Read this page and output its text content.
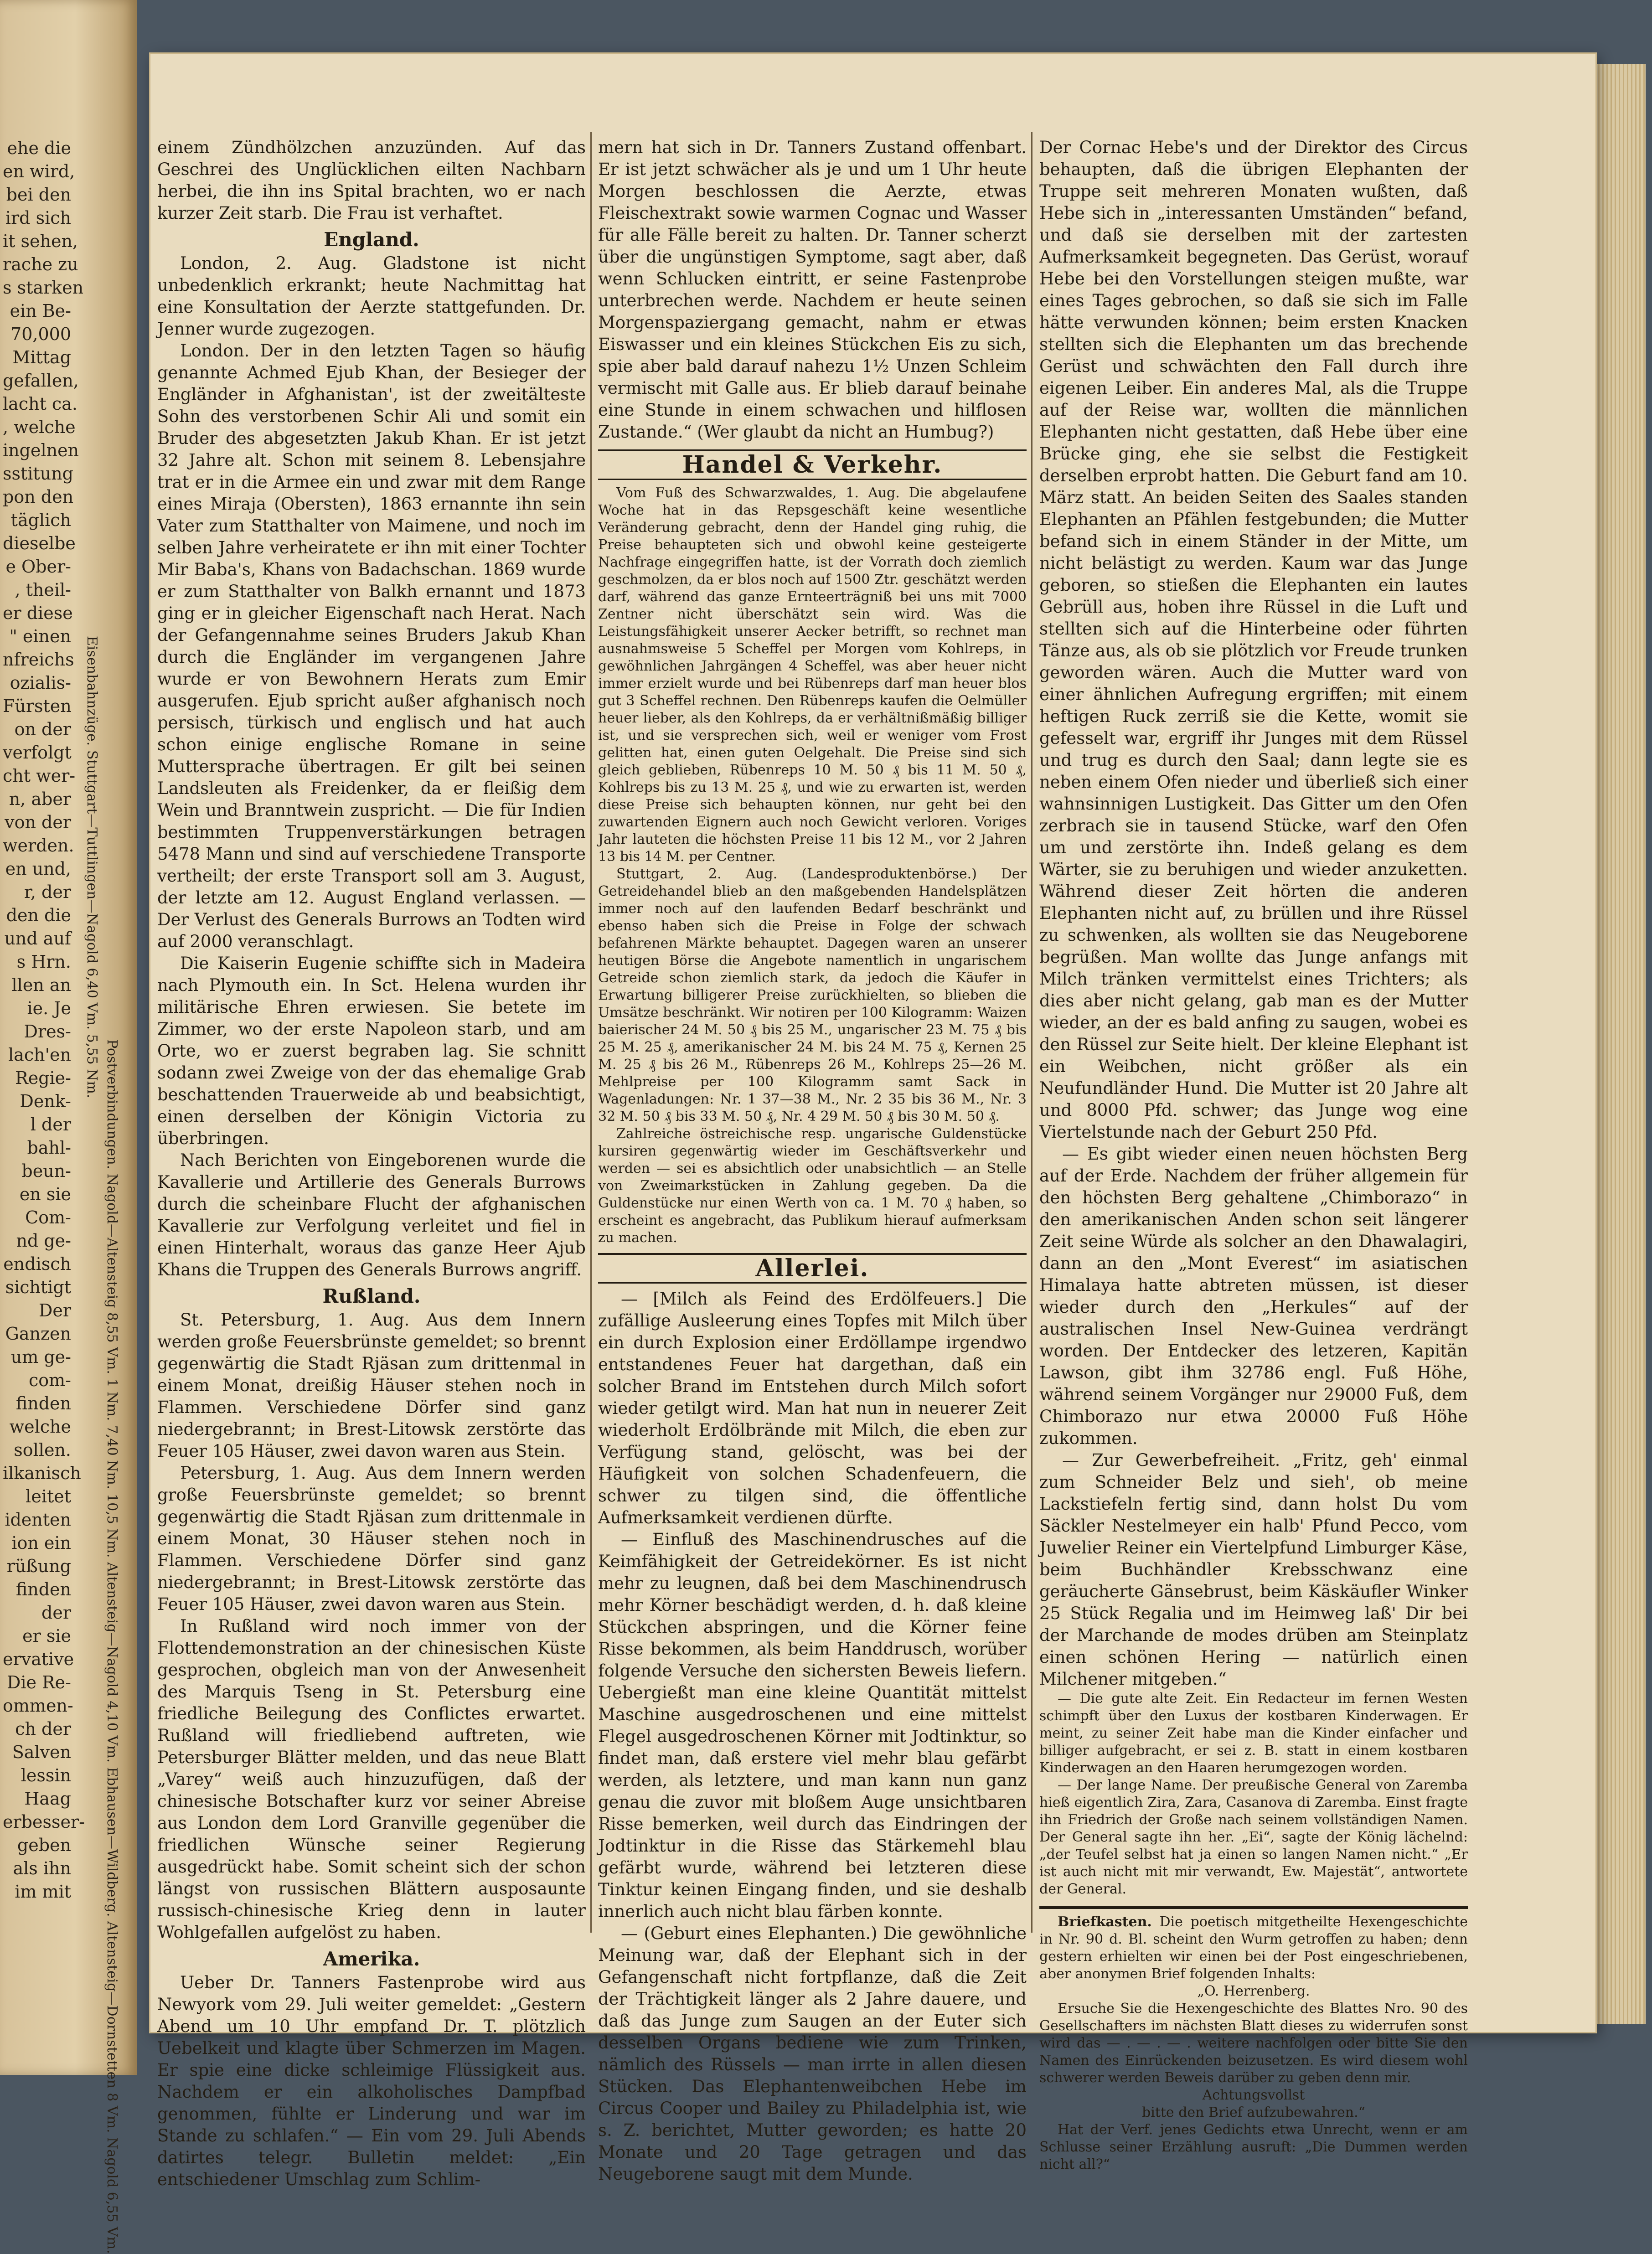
ehe die
en wird,
bei den
ird sich
it sehen,
rache zu
s starken
ein Be-
70,000
Mittag
gefallen,
lacht ca.
, welche
ingelnen
sstitung
pon den
täglich
dieselbe
e Ober-
, theil-
er diese
" einen
nfreichs
ozialis-
Fürsten
on der
verfolgt
cht wer-
n, aber
von der
werden.
en und,
r, der
den die
und auf
s Hrn.
llen an
ie. Je
Dres-
lach'en
Regie-
Denk-
l der
bahl-
beun-
en sie
Com-
nd ge-
endisch
sichtigt
Der
Ganzen
um ge-
com-
finden
welche
sollen.
ilkanisch
leitet
identen
ion ein
rüßung
finden
der
er sie
ervative
Die Re-
ommen-
ch der
Salven
lessin
Haag
erbesser-
geben
als ihn
im mit

einem Zündhölzchen anzuzünden. Auf das Geschrei des Unglücklichen eilten Nachbarn herbei, die ihn ins Spital brachten, wo er nach kurzer Zeit starb. Die Frau ist verhaftet.

England.

London, 2. Aug. Gladstone ist nicht unbedenklich erkrankt; heute Nachmittag hat eine Konsultation der Aerzte stattgefunden. Dr. Jenner wurde zugezogen.

London. Der in den letzten Tagen so häufig genannte Achmed Ejub Khan, der Besieger der Engländer in Afghanistan', ist der zweitälteste Sohn des verstorbenen Schir Ali und somit ein Bruder des abgesetzten Jakub Khan. Er ist jetzt 32 Jahre alt. Schon mit seinem 8. Lebensjahre trat er in die Armee ein und zwar mit dem Range eines Miraja (Obersten), 1863 ernannte ihn sein Vater zum Statthalter von Maimene, und noch im selben Jahre verheiratete er ihn mit einer Tochter Mir Baba's, Khans von Badachschan. 1869 wurde er zum Statthalter von Balkh ernannt und 1873 ging er in gleicher Eigenschaft nach Herat. Nach der Gefangennahme seines Bruders Jakub Khan durch die Engländer im vergangenen Jahre wurde er von Bewohnern Herats zum Emir ausgerufen. Ejub spricht außer afghanisch noch persisch, türkisch und englisch und hat auch schon einige englische Romane in seine Muttersprache übertragen. Er gilt bei seinen Landsleuten als Freidenker, da er fleißig dem Wein und Branntwein zuspricht. — Die für Indien bestimmten Truppenverstärkungen betragen 5478 Mann und sind auf verschiedene Transporte vertheilt; der erste Transport soll am 3. August, der letzte am 12. August England verlassen. — Der Verlust des Generals Burrows an Todten wird auf 2000 veranschlagt.

Die Kaiserin Eugenie schiffte sich in Madeira nach Plymouth ein. In Sct. Helena wurden ihr militärische Ehren erwiesen. Sie betete im Zimmer, wo der erste Napoleon starb, und am Orte, wo er zuerst begraben lag. Sie schnitt sodann zwei Zweige von der das ehemalige Grab beschattenden Trauerweide ab und beabsichtigt, einen derselben der Königin Victoria zu überbringen.

Nach Berichten von Eingeborenen wurde die Kavallerie und Artillerie des Generals Burrows durch die scheinbare Flucht der afghanischen Kavallerie zur Verfolgung verleitet und fiel in einen Hinterhalt, woraus das ganze Heer Ajub Khans die Truppen des Generals Burrows angriff.

Rußland.

St. Petersburg, 1. Aug. Aus dem Innern werden große Feuersbrünste gemeldet; so brennt gegenwärtig die Stadt Rjäsan zum drittenmal in einem Monat, dreißig Häuser stehen noch in Flammen. Verschiedene Dörfer sind ganz niedergebrannt; in Brest-Litowsk zerstörte das Feuer 105 Häuser, zwei davon waren aus Stein.

Petersburg, 1. Aug. Aus dem Innern werden große Feuersbrünste gemeldet; so brennt gegenwärtig die Stadt Rjäsan zum drittenmale in einem Monat, 30 Häuser stehen noch in Flammen. Verschiedene Dörfer sind ganz niedergebrannt; in Brest-Litowsk zerstörte das Feuer 105 Häuser, zwei davon waren aus Stein.

In Rußland wird noch immer von der Flottendemonstration an der chinesischen Küste gesprochen, obgleich man von der Anwesenheit des Marquis Tseng in St. Petersburg eine friedliche Beilegung des Conflictes erwartet. Rußland will friedliebend auftreten, wie Petersburger Blätter melden, und das neue Blatt „Varey“ weiß auch hinzuzufügen, daß der chinesische Botschafter kurz vor seiner Abreise aus London dem Lord Granville gegenüber die friedlichen Wünsche seiner Regierung ausgedrückt habe. Somit scheint sich der schon längst von russischen Blättern ausposaunte russisch-chinesische Krieg denn in lauter Wohlgefallen aufgelöst zu haben.

Amerika.

Ueber Dr. Tanners Fastenprobe wird aus Newyork vom 29. Juli weiter gemeldet: „Gestern Abend um 10 Uhr empfand Dr. T. plötzlich Uebelkeit und klagte über Schmerzen im Magen. Er spie eine dicke schleimige Flüssigkeit aus. Nachdem er ein alkoholisches Dampfbad genommen, fühlte er Linderung und war im Stande zu schlafen.“ — Ein vom 29. Juli Abends datirtes telegr. Bulletin meldet: „Ein entschiedener Umschlag zum Schlim-

mern hat sich in Dr. Tanners Zustand offenbart. Er ist jetzt schwächer als je und um 1 Uhr heute Morgen beschlossen die Aerzte, etwas Fleischextrakt sowie warmen Cognac und Wasser für alle Fälle bereit zu halten. Dr. Tanner scherzt über die ungünstigen Symptome, sagt aber, daß wenn Schlucken eintritt, er seine Fastenprobe unterbrechen werde. Nachdem er heute seinen Morgenspaziergang gemacht, nahm er etwas Eiswasser und ein kleines Stückchen Eis zu sich, spie aber bald darauf nahezu 1½ Unzen Schleim vermischt mit Galle aus. Er blieb darauf beinahe eine Stunde in einem schwachen und hilflosen Zustande.“ (Wer glaubt da nicht an Humbug?)

Handel & Verkehr.

Vom Fuß des Schwarzwaldes, 1. Aug. Die abgelaufene Woche hat in das Repsgeschäft keine wesentliche Veränderung gebracht, denn der Handel ging ruhig, die Preise behaupteten sich und obwohl keine gesteigerte Nachfrage eingegriffen hatte, ist der Vorrath doch ziemlich geschmolzen, da er blos noch auf 1500 Ztr. geschätzt werden darf, während das ganze Ernteerträgniß bei uns mit 7000 Zentner nicht überschätzt sein wird. Was die Leistungsfähigkeit unserer Aecker betrifft, so rechnet man ausnahmsweise 5 Scheffel per Morgen vom Kohlreps, in gewöhnlichen Jahrgängen 4 Scheffel, was aber heuer nicht immer erzielt wurde und bei Rübenreps darf man heuer blos gut 3 Scheffel rechnen. Den Rübenreps kaufen die Oelmüller heuer lieber, als den Kohlreps, da er verhältnißmäßig billiger ist, und sie versprechen sich, weil er weniger vom Frost gelitten hat, einen guten Oelgehalt. Die Preise sind sich gleich geblieben, Rübenreps 10 M. 50 ₰ bis 11 M. 50 ₰, Kohlreps bis zu 13 M. 25 ₰, und wie zu erwarten ist, werden diese Preise sich behaupten können, nur geht bei den zuwartenden Eignern auch noch Gewicht verloren. Voriges Jahr lauteten die höchsten Preise 11 bis 12 M., vor 2 Jahren 13 bis 14 M. per Centner.

Stuttgart, 2. Aug. (Landesproduktenbörse.) Der Getreidehandel blieb an den maßgebenden Handelsplätzen immer noch auf den laufenden Bedarf beschränkt und ebenso haben sich die Preise in Folge der schwach befahrenen Märkte behauptet. Dagegen waren an unserer heutigen Börse die Angebote namentlich in ungarischem Getreide schon ziemlich stark, da jedoch die Käufer in Erwartung billigerer Preise zurückhielten, so blieben die Umsätze beschränkt. Wir notiren per 100 Kilogramm: Waizen baierischer 24 M. 50 ₰ bis 25 M., ungarischer 23 M. 75 ₰ bis 25 M. 25 ₰, amerikanischer 24 M. bis 24 M. 75 ₰, Kernen 25 M. 25 ₰ bis 26 M., Rübenreps 26 M., Kohlreps 25—26 M. Mehlpreise per 100 Kilogramm samt Sack in Wagenladungen: Nr. 1 37—38 M., Nr. 2 35 bis 36 M., Nr. 3 32 M. 50 ₰ bis 33 M. 50 ₰, Nr. 4 29 M. 50 ₰ bis 30 M. 50 ₰.

Zahlreiche östreichische resp. ungarische Guldenstücke kursiren gegenwärtig wieder im Geschäftsverkehr und werden — sei es absichtlich oder unabsichtlich — an Stelle von Zweimarkstücken in Zahlung gegeben. Da die Guldenstücke nur einen Werth von ca. 1 M. 70 ₰ haben, so erscheint es angebracht, das Publikum hierauf aufmerksam zu machen.

Allerlei.

— [Milch als Feind des Erdölfeuers.] Die zufällige Ausleerung eines Topfes mit Milch über ein durch Explosion einer Erdöllampe irgendwo entstandenes Feuer hat dargethan, daß ein solcher Brand im Entstehen durch Milch sofort wieder getilgt wird. Man hat nun in neuerer Zeit wiederholt Erdölbrände mit Milch, die eben zur Verfügung stand, gelöscht, was bei der Häufigkeit von solchen Schadenfeuern, die schwer zu tilgen sind, die öffentliche Aufmerksamkeit verdienen dürfte.

— Einfluß des Maschinendrusches auf die Keimfähigkeit der Getreidekörner. Es ist nicht mehr zu leugnen, daß bei dem Maschinendrusch mehr Körner beschädigt werden, d. h. daß kleine Stückchen abspringen, und die Körner feine Risse bekommen, als beim Handdrusch, worüber folgende Versuche den sichersten Beweis liefern. Uebergießt man eine kleine Quantität mittelst Maschine ausgedroschenen und eine mittelst Flegel ausgedroschenen Körner mit Jodtinktur, so findet man, daß erstere viel mehr blau gefärbt werden, als letztere, und man kann nun ganz genau die zuvor mit bloßem Auge unsichtbaren Risse bemerken, weil durch das Eindringen der Jodtinktur in die Risse das Stärkemehl blau gefärbt wurde, während bei letzteren diese Tinktur keinen Eingang finden, und sie deshalb innerlich auch nicht blau färben konnte.

— (Geburt eines Elephanten.) Die gewöhnliche Meinung war, daß der Elephant sich in der Gefangenschaft nicht fortpflanze, daß die Zeit der Trächtigkeit länger als 2 Jahre dauere, und daß das Junge zum Saugen an der Euter sich desselben Organs bediene wie zum Trinken, nämlich des Rüssels — man irrte in allen diesen Stücken. Das Elephantenweibchen Hebe im Circus Cooper und Bailey zu Philadelphia ist, wie s. Z. berichtet, Mutter geworden; es hatte 20 Monate und 20 Tage getragen und das Neugeborene saugt mit dem Munde.

Der Cornac Hebe's und der Direktor des Circus behaupten, daß die übrigen Elephanten der Truppe seit mehreren Monaten wußten, daß Hebe sich in „interessanten Umständen“ befand, und daß sie derselben mit der zartesten Aufmerksamkeit begegneten. Das Gerüst, worauf Hebe bei den Vorstellungen steigen mußte, war eines Tages gebrochen, so daß sie sich im Falle hätte verwunden können; beim ersten Knacken stellten sich die Elephanten um das brechende Gerüst und schwächten den Fall durch ihre eigenen Leiber. Ein anderes Mal, als die Truppe auf der Reise war, wollten die männlichen Elephanten nicht gestatten, daß Hebe über eine Brücke ging, ehe sie selbst die Festigkeit derselben erprobt hatten. Die Geburt fand am 10. März statt. An beiden Seiten des Saales standen Elephanten an Pfählen festgebunden; die Mutter befand sich in einem Ständer in der Mitte, um nicht belästigt zu werden. Kaum war das Junge geboren, so stießen die Elephanten ein lautes Gebrüll aus, hoben ihre Rüssel in die Luft und stellten sich auf die Hinterbeine oder führten Tänze aus, als ob sie plötzlich vor Freude trunken geworden wären. Auch die Mutter ward von einer ähnlichen Aufregung ergriffen; mit einem heftigen Ruck zerriß sie die Kette, womit sie gefesselt war, ergriff ihr Junges mit dem Rüssel und trug es durch den Saal; dann legte sie es neben einem Ofen nieder und überließ sich einer wahnsinnigen Lustigkeit. Das Gitter um den Ofen zerbrach sie in tausend Stücke, warf den Ofen um und zerstörte ihn. Indeß gelang es dem Wärter, sie zu beruhigen und wieder anzuketten. Während dieser Zeit hörten die anderen Elephanten nicht auf, zu brüllen und ihre Rüssel zu schwenken, als wollten sie das Neugeborene begrüßen. Man wollte das Junge anfangs mit Milch tränken vermittelst eines Trichters; als dies aber nicht gelang, gab man es der Mutter wieder, an der es bald anfing zu saugen, wobei es den Rüssel zur Seite hielt. Der kleine Elephant ist ein Weibchen, nicht größer als ein Neufundländer Hund. Die Mutter ist 20 Jahre alt und 8000 Pfd. schwer; das Junge wog eine Viertelstunde nach der Geburt 250 Pfd.

— Es gibt wieder einen neuen höchsten Berg auf der Erde. Nachdem der früher allgemein für den höchsten Berg gehaltene „Chimborazo“ in den amerikanischen Anden schon seit längerer Zeit seine Würde als solcher an den Dhawalagiri, dann an den „Mont Everest“ im asiatischen Himalaya hatte abtreten müssen, ist dieser wieder durch den „Herkules“ auf der australischen Insel New-Guinea verdrängt worden. Der Entdecker des letzeren, Kapitän Lawson, gibt ihm 32786 engl. Fuß Höhe, während seinem Vorgänger nur 29000 Fuß, dem Chimborazo nur etwa 20000 Fuß Höhe zukommen.

— Zur Gewerbefreiheit. „Fritz, geh' einmal zum Schneider Belz und sieh', ob meine Lackstiefeln fertig sind, dann holst Du vom Säckler Nestelmeyer ein halb' Pfund Pecco, vom Juwelier Reiner ein Viertelpfund Limburger Käse, beim Buchhändler Krebsschwanz eine geräucherte Gänsebrust, beim Käskäufler Winker 25 Stück Regalia und im Heimweg laß' Dir bei der Marchande de modes drüben am Steinplatz einen schönen Hering — natürlich einen Milchener mitgeben.“

— Die gute alte Zeit. Ein Redacteur im fernen Westen schimpft über den Luxus der kostbaren Kinderwagen. Er meint, zu seiner Zeit habe man die Kinder einfacher und billiger aufgebracht, er sei z. B. statt in einem kostbaren Kinderwagen an den Haaren herumgezogen worden.

— Der lange Name. Der preußische General von Zaremba hieß eigentlich Zira, Zara, Casanova di Zaremba. Einst fragte ihn Friedrich der Große nach seinem vollständigen Namen. Der General sagte ihn her. „Ei“, sagte der König lächelnd: „der Teufel selbst hat ja einen so langen Namen nicht.“ „Er ist auch nicht mit mir verwandt, Ew. Majestät“, antwortete der General.

Briefkasten. Die poetisch mitgetheilte Hexengeschichte in Nr. 90 d. Bl. scheint den Wurm getroffen zu haben; denn gestern erhielten wir einen bei der Post eingeschriebenen, aber anonymen Brief folgenden Inhalts:

„O. Herrenberg.

Ersuche Sie die Hexengeschichte des Blattes Nro. 90 des Gesellschafters im nächsten Blatt dieses zu widerrufen sonst wird das — . — . — . weitere nachfolgen oder bitte Sie den Namen des Einrückenden beizusetzen. Es wird diesem wohl schwerer werden Beweis darüber zu geben denn mir.

Achtungsvollst

bitte den Brief aufzubewahren.“

Hat der Verf. jenes Gedichts etwa Unrecht, wenn er am Schlusse seiner Erzählung ausruft: „Die Dummen werden nicht all?“
